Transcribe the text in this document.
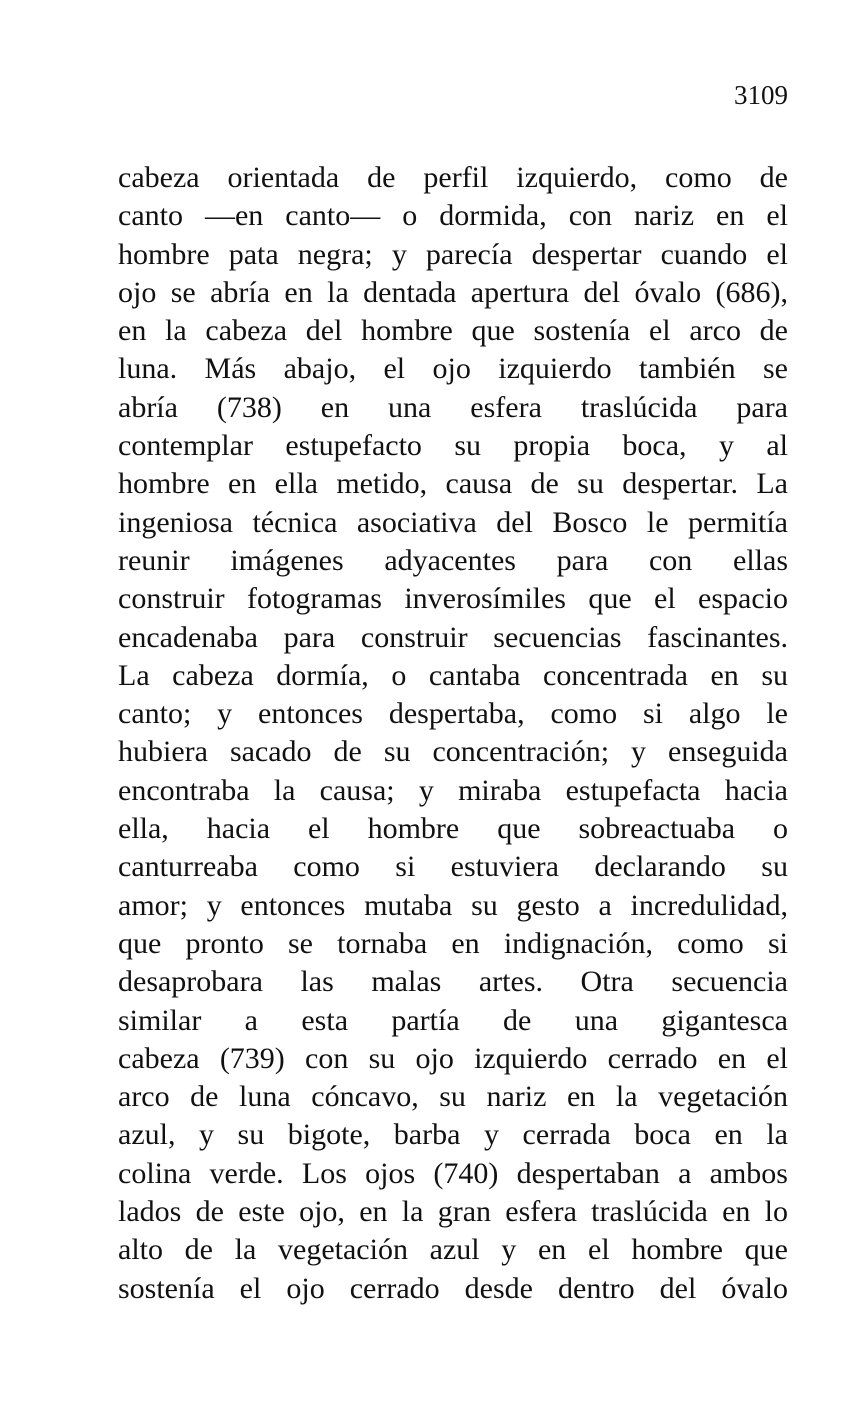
3109
cabeza orientada de perfil izquierdo, como de
canto —en canto— o dormida, con nariz en el
hombre pata negra; y parecía despertar cuando el
ojo se abría en la dentada apertura del óvalo (686),
en la cabeza del hombre que sostenía el arco de
luna. Más abajo, el ojo izquierdo también se
abría (738) en una esfera traslúcida para
contemplar estupefacto su propia boca, y al
hombre en ella metido, causa de su despertar. La
ingeniosa técnica asociativa del Bosco le permitía
reunir imágenes adyacentes para con ellas
construir fotogramas inverosímiles que el espacio
encadenaba para construir secuencias fascinantes.
La cabeza dormía, o cantaba concentrada en su
canto; y entonces despertaba, como si algo le
hubiera sacado de su concentración; y enseguida
encontraba la causa; y miraba estupefacta hacia
ella, hacia el hombre que sobreactuaba o
canturreaba como si estuviera declarando su
amor; y entonces mutaba su gesto a incredulidad,
que pronto se tornaba en indignación, como si
desaprobara las malas artes. Otra secuencia
similar a esta partía de una gigantesca
cabeza (739) con su ojo izquierdo cerrado en el
arco de luna cóncavo, su nariz en la vegetación
azul, y su bigote, barba y cerrada boca en la
colina verde. Los ojos (740) despertaban a ambos
lados de este ojo, en la gran esfera traslúcida en lo
alto de la vegetación azul y en el hombre que
sostenía el ojo cerrado desde dentro del óvalo
